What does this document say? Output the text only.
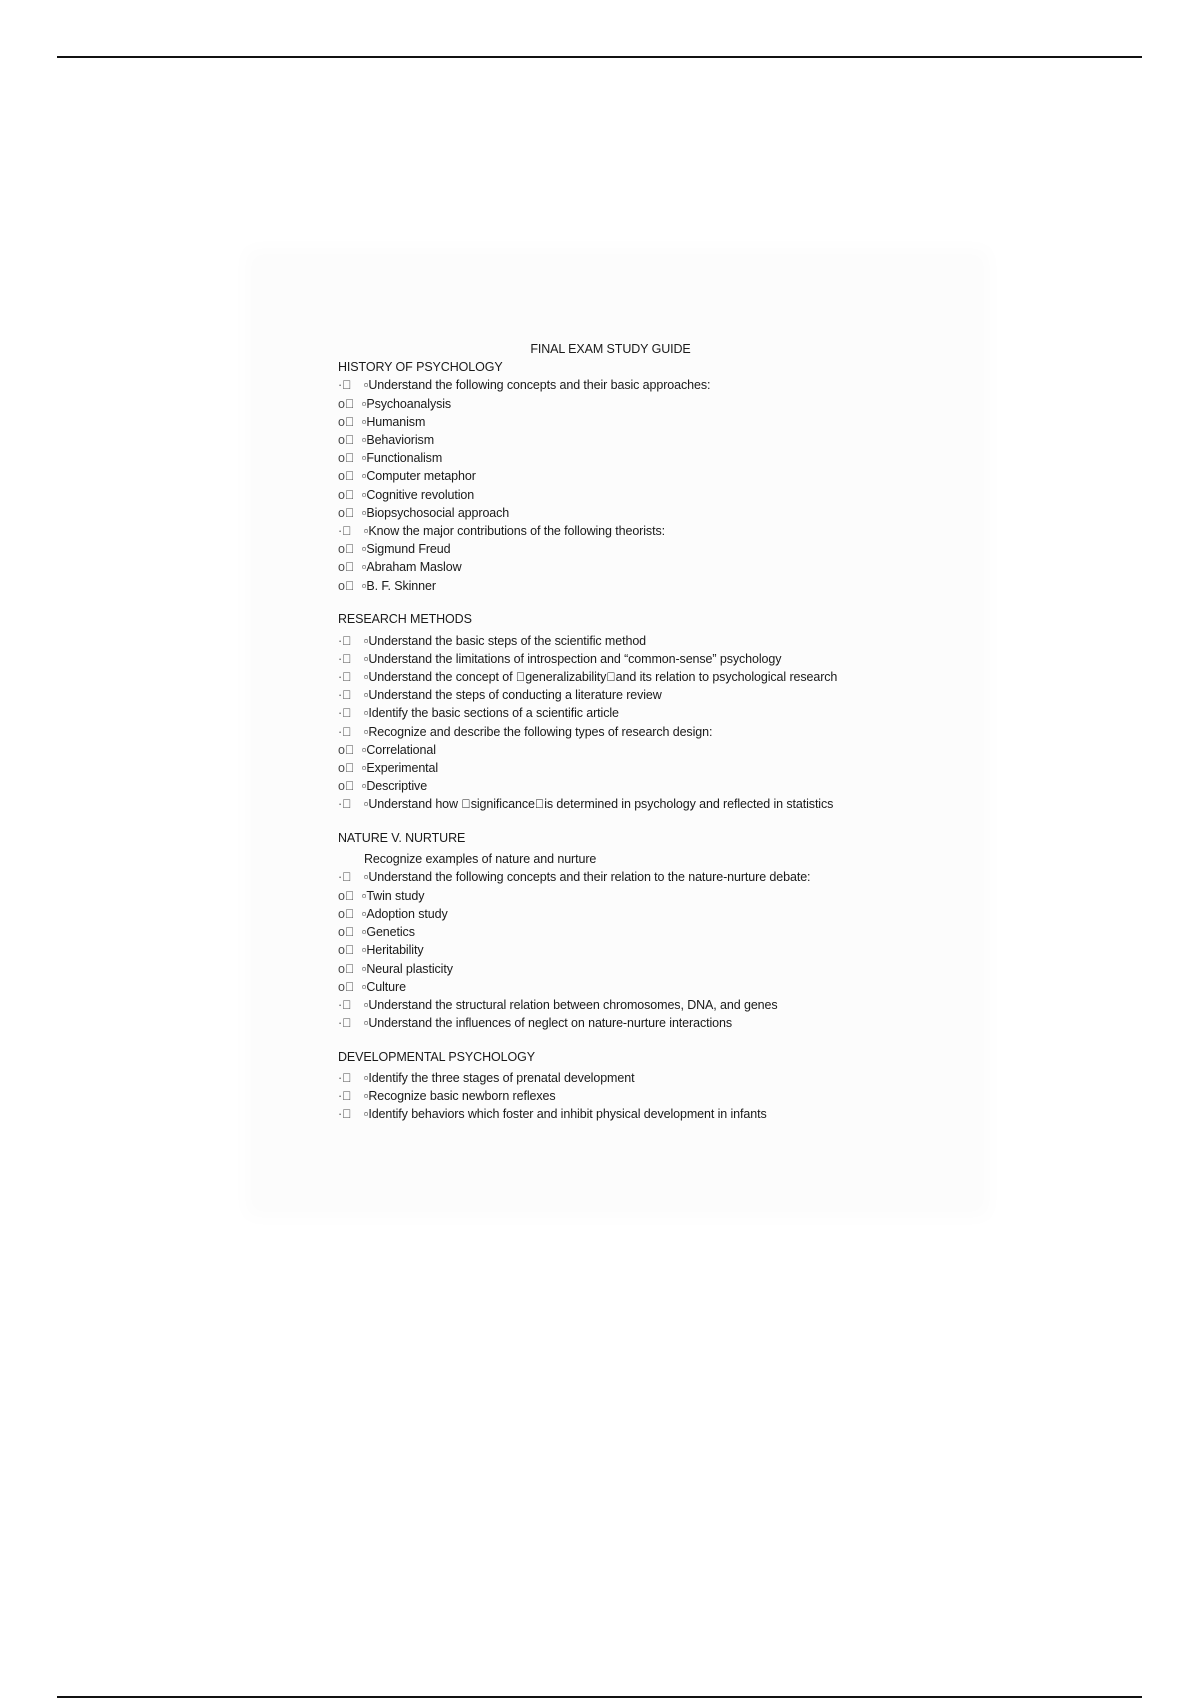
FINAL EXAM STUDY GUIDE
HISTORY OF PSYCHOLOGY
·⃞	▫Understand the following concepts and their basic approaches:
o⃞ ▫Psychoanalysis
o⃞ ▫Humanism
o⃞ ▫Behaviorism
o⃞ ▫Functionalism
o⃞ ▫Computer metaphor
o⃞ ▫Cognitive revolution
o⃞ ▫Biopsychosocial approach
·⃞	▫Know the major contributions of the following theorists:
o⃞ ▫Sigmund Freud
o⃞ ▫Abraham Maslow
o⃞ ▫B. F. Skinner
RESEARCH METHODS
·⃞	▫Understand the basic steps of the scientific method
·⃞	▫Understand the limitations of introspection and “common-sense” psychology
·⃞	▫Understand the concept of ⃞generalizability⃞and its relation to psychological research
·⃞	▫Understand the steps of conducting a literature review
·⃞	▫Identify the basic sections of a scientific article
·⃞	▫Recognize and describe the following types of research design:
o⃞ ▫Correlational
o⃞ ▫Experimental
o⃞ ▫Descriptive
·⃞	▫Understand how ⃞significance⃞is determined in psychology and reflected in statistics
NATURE V. NURTURE
Recognize examples of nature and nurture
·⃞	▫Understand the following concepts and their relation to the nature-nurture debate:
o⃞ ▫Twin study
o⃞ ▫Adoption study
o⃞ ▫Genetics
o⃞ ▫Heritability
o⃞ ▫Neural plasticity
o⃞ ▫Culture
·⃞	▫Understand the structural relation between chromosomes, DNA, and genes
·⃞	▫Understand the influences of neglect on nature-nurture interactions
DEVELOPMENTAL PSYCHOLOGY
·⃞	▫Identify the three stages of prenatal development
·⃞	▫Recognize basic newborn reflexes
·⃞	▫Identify behaviors which foster and inhibit physical development in infants
